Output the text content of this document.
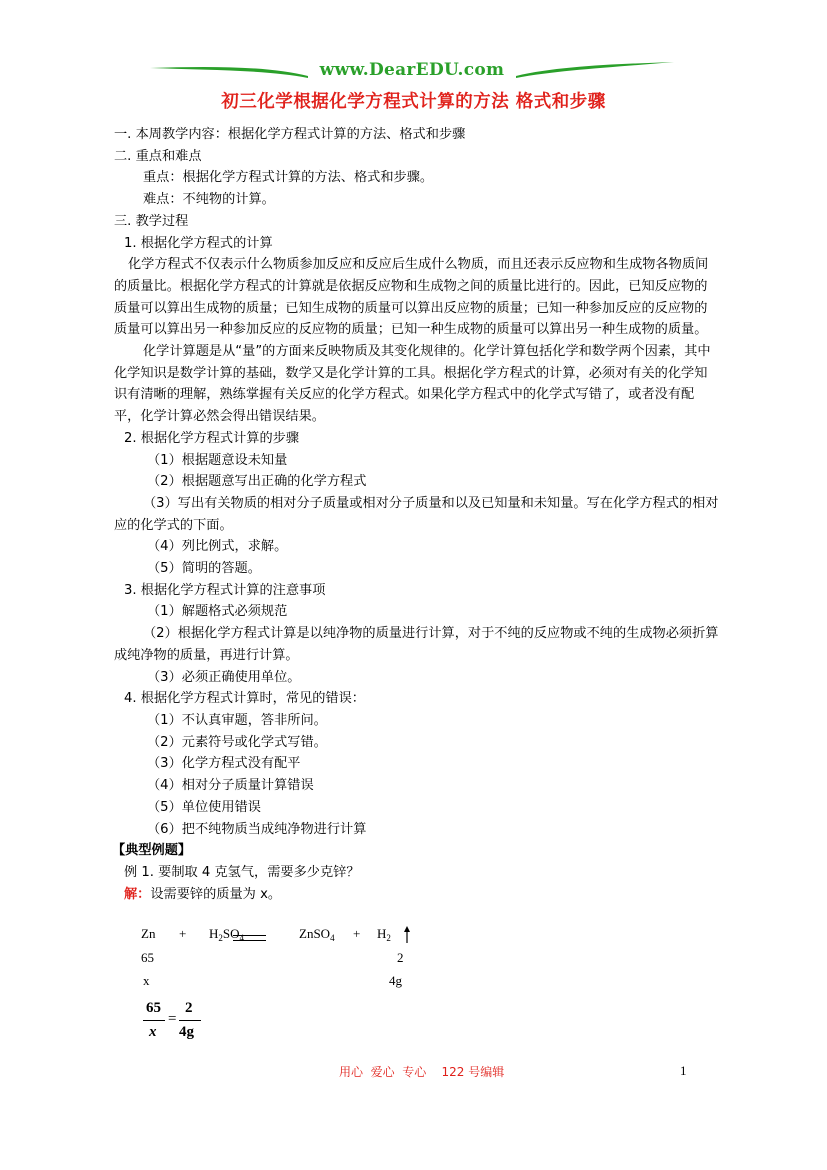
www.DearEDU.com
初三化学根据化学方程式计算的方法 格式和步骤

一. 本周教学内容：根据化学方程式计算的方法、格式和步骤

二. 重点和难点

重点：根据化学方程式计算的方法、格式和步骤。

难点：不纯物的计算。

三. 教学过程

1. 根据化学方程式的计算

化学方程式不仅表示什么物质参加反应和反应后生成什么物质，而且还表示反应物和生成物各物质间的质量比。根据化学方程式的计算就是依据反应物和生成物之间的质量比进行的。因此，已知反应物的质量可以算出生成物的质量；已知生成物的质量可以算出反应物的质量；已知一种参加反应的反应物的质量可以算出另一种参加反应的反应物的质量；已知一种生成物的质量可以算出另一种生成物的质量。

化学计算题是从“量”的方面来反映物质及其变化规律的。化学计算包括化学和数学两个因素，其中化学知识是数学计算的基础，数学又是化学计算的工具。根据化学方程式的计算，必须对有关的化学知识有清晰的理解，熟练掌握有关反应的化学方程式。如果化学方程式中的化学式写错了，或者没有配平，化学计算必然会得出错误结果。

2. 根据化学方程式计算的步骤

（1）根据题意设未知量

（2）根据题意写出正确的化学方程式

（3）写出有关物质的相对分子质量或相对分子质量和以及已知量和未知量。写在化学方程式的相对应的化学式的下面。

（4）列比例式，求解。

（5）简明的答题。

3. 根据化学方程式计算的注意事项

（1）解题格式必须规范

（2）根据化学方程式计算是以纯净物的质量进行计算，对于不纯的反应物或不纯的生成物必须折算成纯净物的质量，再进行计算。

（3）必须正确使用单位。

4. 根据化学方程式计算时，常见的错误：

（1）不认真审题，答非所问。

（2）元素符号或化学式写错。

（3）化学方程式没有配平

（4）相对分子质量计算错误

（5）单位使用错误

（6）把不纯物质当成纯净物进行计算

【典型例题】

例 1. 要制取 4 克氢气，需要多少克锌？

解：设需要锌的质量为 x。

$Zn + H_2SO_4$	ZnSO$_4$ + $H_2$
65	2
x	4g
65
x
=
2
4g
用心  爱心  专心    122 号编辑	1
